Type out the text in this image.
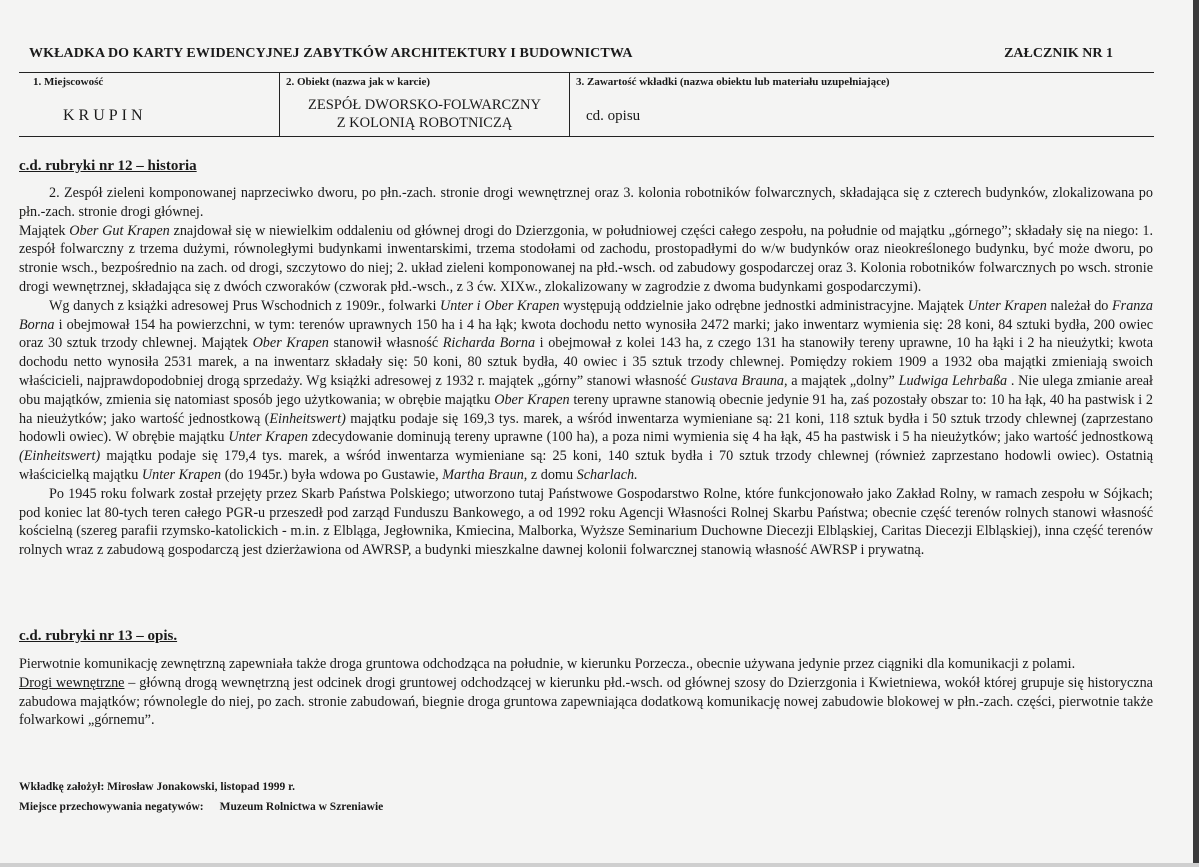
WKŁADKA DO KARTY EWIDENCYJNEJ ZABYTKÓW ARCHITEKTURY I BUDOWNICTWA	ZAŁCZNIK NR 1
1. Miejscowość
KRUPIN
2. Obiekt (nazwa jak w karcie)
ZESPÓŁ DWORSKO-FOLWARCZNY
Z KOLONIĄ ROBOTNICZĄ
3. Zawartość wkładki (nazwa obiektu lub materiału uzupełniające)
cd. opisu
c.d. rubryki nr 12 – historia

2. Zespół zieleni komponowanej naprzeciwko dworu, po płn.-zach. stronie drogi wewnętrznej oraz 3. kolonia robotników folwarcznych, składająca się z czterech budynków, zlokalizowana po płn.-zach. stronie drogi głównej.

Majątek Ober Gut Krapen znajdował się w niewielkim oddaleniu od głównej drogi do Dzierzgonia, w południowej części całego zespołu, na południe od majątku „górnego”; składały się na niego: 1. zespół folwarczny z trzema dużymi, równoległymi budynkami inwentarskimi, trzema stodołami od zachodu, prostopadłymi do w/w budynków oraz nieokreślonego budynku, być może dworu, po stronie wsch., bezpośrednio na zach. od drogi, szczytowo do niej; 2. układ zieleni komponowanej na płd.-wsch. od zabudowy gospodarczej oraz 3. Kolonia robotników folwarcznych po wsch. stronie drogi wewnętrznej, składająca się z dwóch czworaków (czworak płd.-wsch., z 3 ćw. XIXw., zlokalizowany w zagrodzie z dwoma budynkami gospodarczymi).

Wg danych z książki adresowej Prus Wschodnich z 1909r., folwarki Unter i Ober Krapen występują oddzielnie jako odrębne jednostki administracyjne. Majątek Unter Krapen należał do Franza Borna i obejmował 154 ha powierzchni, w tym: terenów uprawnych 150 ha i 4 ha łąk; kwota dochodu netto wynosiła 2472 marki; jako inwentarz wymienia się: 28 koni, 84 sztuki bydła, 200 owiec oraz 30 sztuk trzody chlewnej. Majątek Ober Krapen stanowił własność Richarda Borna i obejmował z kolei 143 ha, z czego 131 ha stanowiły tereny uprawne, 10 ha łąki i 2 ha nieużytki; kwota dochodu netto wynosiła 2531 marek, a na inwentarz składały się: 50 koni, 80 sztuk bydła, 40 owiec i 35 sztuk trzody chlewnej. Pomiędzy rokiem 1909 a 1932 oba majątki zmieniają swoich właścicieli, najprawdopodobniej drogą sprzedaży. Wg książki adresowej z 1932 r. majątek „górny” stanowi własność Gustava Brauna, a majątek „dolny” Ludwiga Lehrbaßa . Nie ulega zmianie areał obu majątków, zmienia się natomiast sposób jego użytkowania; w obrębie majątku Ober Krapen tereny uprawne stanowią obecnie jedynie 91 ha, zaś pozostały obszar to: 10 ha łąk, 40 ha pastwisk i 2 ha nieużytków; jako wartość jednostkową (Einheitswert) majątku podaje się 169,3 tys. marek, a wśród inwentarza wymieniane są: 21 koni, 118 sztuk bydła i 50 sztuk trzody chlewnej (zaprzestano hodowli owiec). W obrębie majątku Unter Krapen zdecydowanie dominują tereny uprawne (100 ha), a poza nimi wymienia się 4 ha łąk, 45 ha pastwisk i 5 ha nieużytków; jako wartość jednostkową (Einheitswert) majątku podaje się 179,4 tys. marek, a wśród inwentarza wymieniane są: 25 koni, 140 sztuk bydła i 70 sztuk trzody chlewnej (również zaprzestano hodowli owiec). Ostatnią właścicielką majątku Unter Krapen (do 1945r.) była wdowa po Gustawie, Martha Braun, z domu Scharlach.

Po 1945 roku folwark został przejęty przez Skarb Państwa Polskiego; utworzono tutaj Państwowe Gospodarstwo Rolne, które funkcjonowało jako Zakład Rolny, w ramach zespołu w Sójkach; pod koniec lat 80-tych teren całego PGR-u przeszedł pod zarząd Funduszu Bankowego, a od 1992 roku Agencji Własności Rolnej Skarbu Państwa; obecnie część terenów rolnych stanowi własność kościelną (szereg parafii rzymsko-katolickich - m.in. z Elbląga, Jegłownika, Kmiecina, Malborka, Wyższe Seminarium Duchowne Diecezji Elbląskiej, Caritas Diecezji Elbląskiej), inna część terenów rolnych wraz z zabudową gospodarczą jest dzierżawiona od AWRSP, a budynki mieszkalne dawnej kolonii folwarcznej stanowią własność AWRSP i prywatną.

c.d. rubryki nr 13 – opis.

Pierwotnie komunikację zewnętrzną zapewniała także droga gruntowa odchodząca na południe, w kierunku Porzecza., obecnie używana jedynie przez ciągniki dla komunikacji z polami.

Drogi wewnętrzne – główną drogą wewnętrzną jest odcinek drogi gruntowej odchodzącej w kierunku płd.-wsch. od głównej szosy do Dzierzgonia i Kwietniewa, wokół której grupuje się historyczna zabudowa majątków; równolegle do niej, po zach. stronie zabudowań, biegnie droga gruntowa zapewniająca dodatkową komunikację nowej zabudowie blokowej w płn.-zach. części, pierwotnie także folwarkowi „górnemu”.

Wkładkę założył: Mirosław Jonakowski, listopad 1999 r.
Miejsce przechowywania negatywów: Muzeum Rolnictwa w Szreniawie
